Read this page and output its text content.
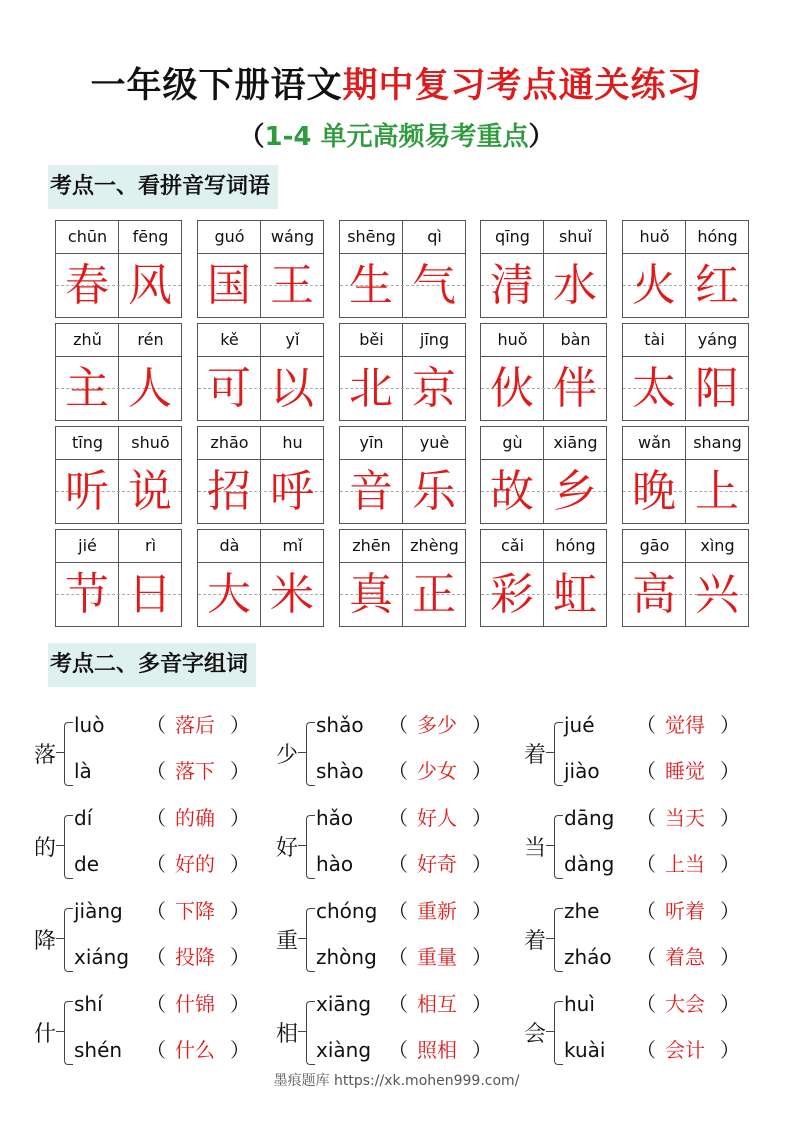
一年级下册语文期中复习考点通关练习
（1-4 单元高频易考重点）
考点一、看拼音写词语
chūn	fēng
春 风
guó	wáng
国 王
shēng	qì
生 气
qīng	shuǐ
清 水
huǒ	hóng
火 红
zhǔ	rén
主 人
kě	yǐ
可 以
běi	jīng
北 京
huǒ	bàn
伙 伴
tài	yáng
太 阳
tīng	shuō
听 说
zhāo	hu
招 呼
yīn	yuè
音 乐
gù	xiāng
故 乡
wǎn	shang
晚 上
jié	rì
节 日
dà	mǐ
大 米
zhēn	zhèng
真 正
cǎi	hóng
彩 虹
gāo	xìng
高 兴
考点二、多音字组词
落
luò （ 落后 ）
là	（ 落下 ）
少
shǎo （ 多少 ）
shào （ 少女 ）
着
jué （ 觉得 ）
jiào （ 睡觉 ）
的
dí	（ 的确 ）
de （ 好的 ）
好
hǎo （ 好人 ）
hào （ 好奇 ）
当
dāng （ 当天 ）
dàng （ 上当 ）
降
jiàng （ 下降 ）
xiáng （ 投降 ）
重
chóng （ 重新 ）
zhòng （ 重量 ）
着
zhe （ 听着 ）
zháo （ 着急 ）
什
shí （ 什锦 ）
shén （ 什么 ）
相
xiāng （ 相互 ）
xiàng （ 照相 ）
会
huì （ 大会 ）
kuài （ 会计 ）
墨痕题库 https://xk.mohen999.com/
